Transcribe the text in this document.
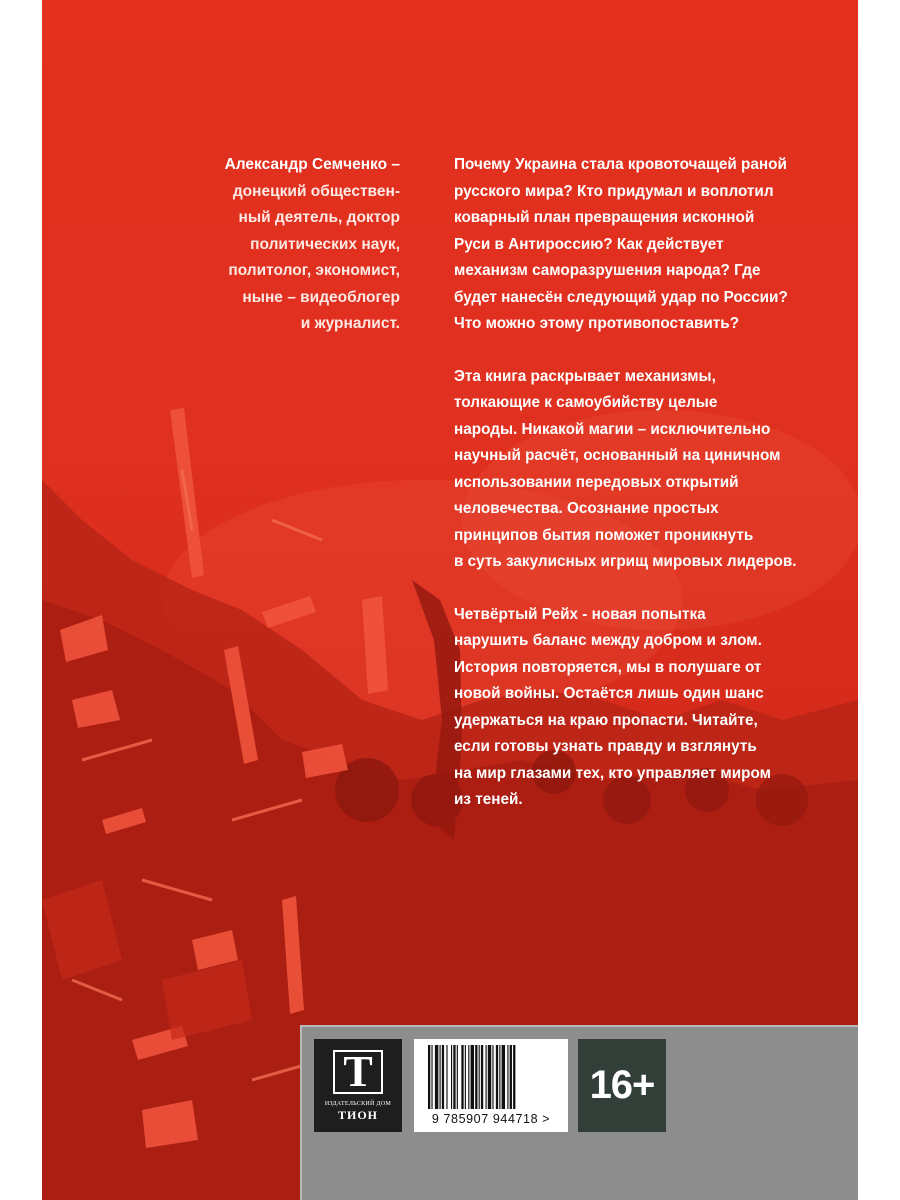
Александр Семченко –
донецкий обществен-
ный деятель, доктор
политических наук,
политолог, экономист,
ныне – видеоблогер
и журналист.

Почему Украина стала кровоточащей раной
русского мира? Кто придумал и воплотил
коварный план превращения исконной
Руси в Антироссию? Как действует
механизм саморазрушения народа? Где
будет нанесён следующий удар по России?
Что можно этому противопоставить?

Эта книга раскрывает механизмы,
толкающие к самоубийству целые
народы. Никакой магии – исключительно
научный расчёт, основанный на циничном
использовании передовых открытий
человечества. Осознание простых
принципов бытия поможет проникнуть
в суть закулисных игрищ мировых лидеров.

Четвёртый Рейх - новая попытка
нарушить баланс между добром и злом.
История повторяется, мы в полушаге от
новой войны. Остаётся лишь один шанс
удержаться на краю пропасти. Читайте,
если готовы узнать правду и взглянуть
на мир глазами тех, кто управляет миром
из теней.

Т
ИЗДАТЕЛЬСКИЙ ДОМ
ТИОН	9 785907 944718 >
16+
